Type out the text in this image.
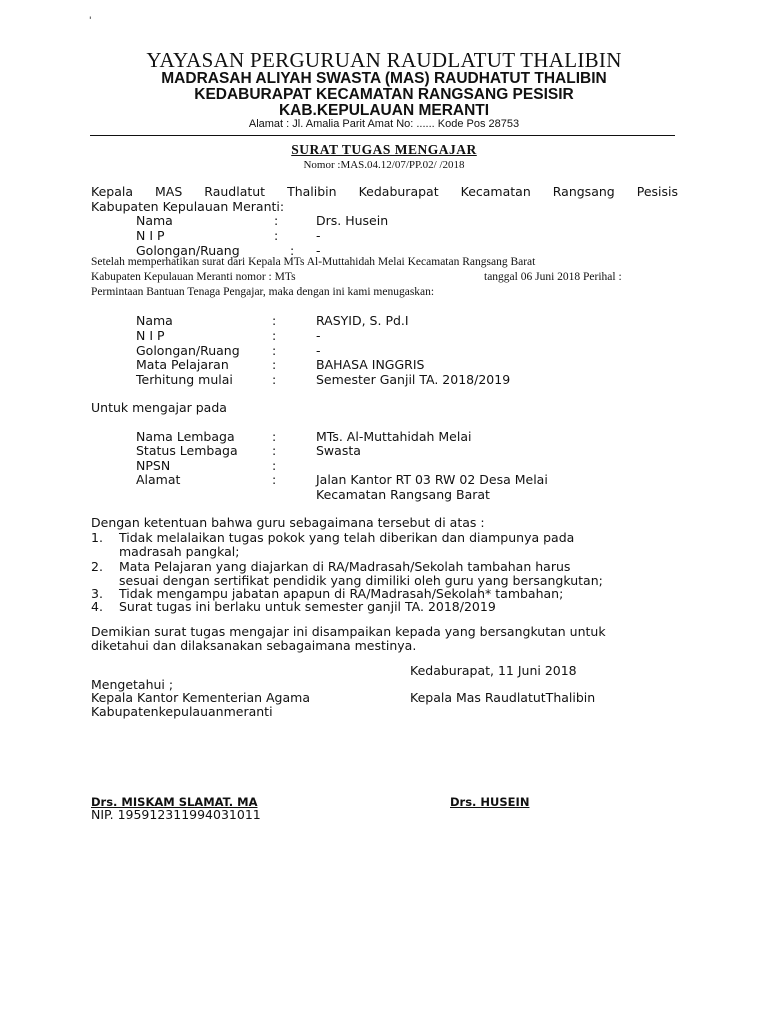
'
YAYASAN PERGURUAN RAUDLATUT THALIBIN
MADRASAH ALIYAH SWASTA (MAS) RAUDHATUT THALIBIN
KEDABURAPAT KECAMATAN RANGSANG PESISIR
KAB.KEPULAUAN MERANTI
Alamat : Jl. Amalia Parit Amat No: ...... Kode Pos 28753
SURAT TUGAS MENGAJAR
Nomor :MAS.04.12/07/PP.02/ /2018
Kepala MAS Raudlatut Thalibin Kedaburapat Kecamatan Rangsang Pesisis
Kabupaten Kepulauan Meranti:
Nama	:	Drs. Husein
N I P	:	-
Golongan/Ruang	: -
Setelah memperhatikan surat dari Kepala MTs Al-Muttahidah Melai Kecamatan Rangsang Barat
Kabupaten Kepulauan Meranti nomor : MTs	tanggal 06 Juni 2018 Perihal :
Permintaan Bantuan Tenaga Pengajar, maka dengan ini kami menugaskan:
Nama	:	RASYID, S. Pd.I
N I P	:	-
Golongan/Ruang	:	-
Mata Pelajaran	:	BAHASA INGGRIS
Terhitung mulai	:	Semester Ganjil TA. 2018/2019
Untuk mengajar pada
Nama Lembaga	:	MTs. Al-Muttahidah Melai
Status Lembaga	:	Swasta
NPSN	:
Alamat	:	Jalan Kantor RT 03 RW 02 Desa Melai
Kecamatan Rangsang Barat
Dengan ketentuan bahwa guru sebagaimana tersebut di atas :
1. Tidak melalaikan tugas pokok yang telah diberikan dan diampunya pada
madrasah pangkal;
2. Mata Pelajaran yang diajarkan di RA/Madrasah/Sekolah tambahan harus
sesuai dengan sertifikat pendidik yang dimiliki oleh guru yang bersangkutan;
3. Tidak mengampu jabatan apapun di RA/Madrasah/Sekolah* tambahan;
4. Surat tugas ini berlaku untuk semester ganjil TA. 2018/2019
Demikian surat tugas mengajar ini disampaikan kepada yang bersangkutan untuk
diketahui dan dilaksanakan sebagaimana mestinya.
Kedaburapat, 11 Juni 2018
Mengetahui ;
Kepala Kantor Kementerian Agama
Kabupatenkepulauanmeranti
Kepala Mas RaudlatutThalibin
Drs. MISKAM SLAMAT. MA
NIP. 195912311994031011
Drs. HUSEIN
